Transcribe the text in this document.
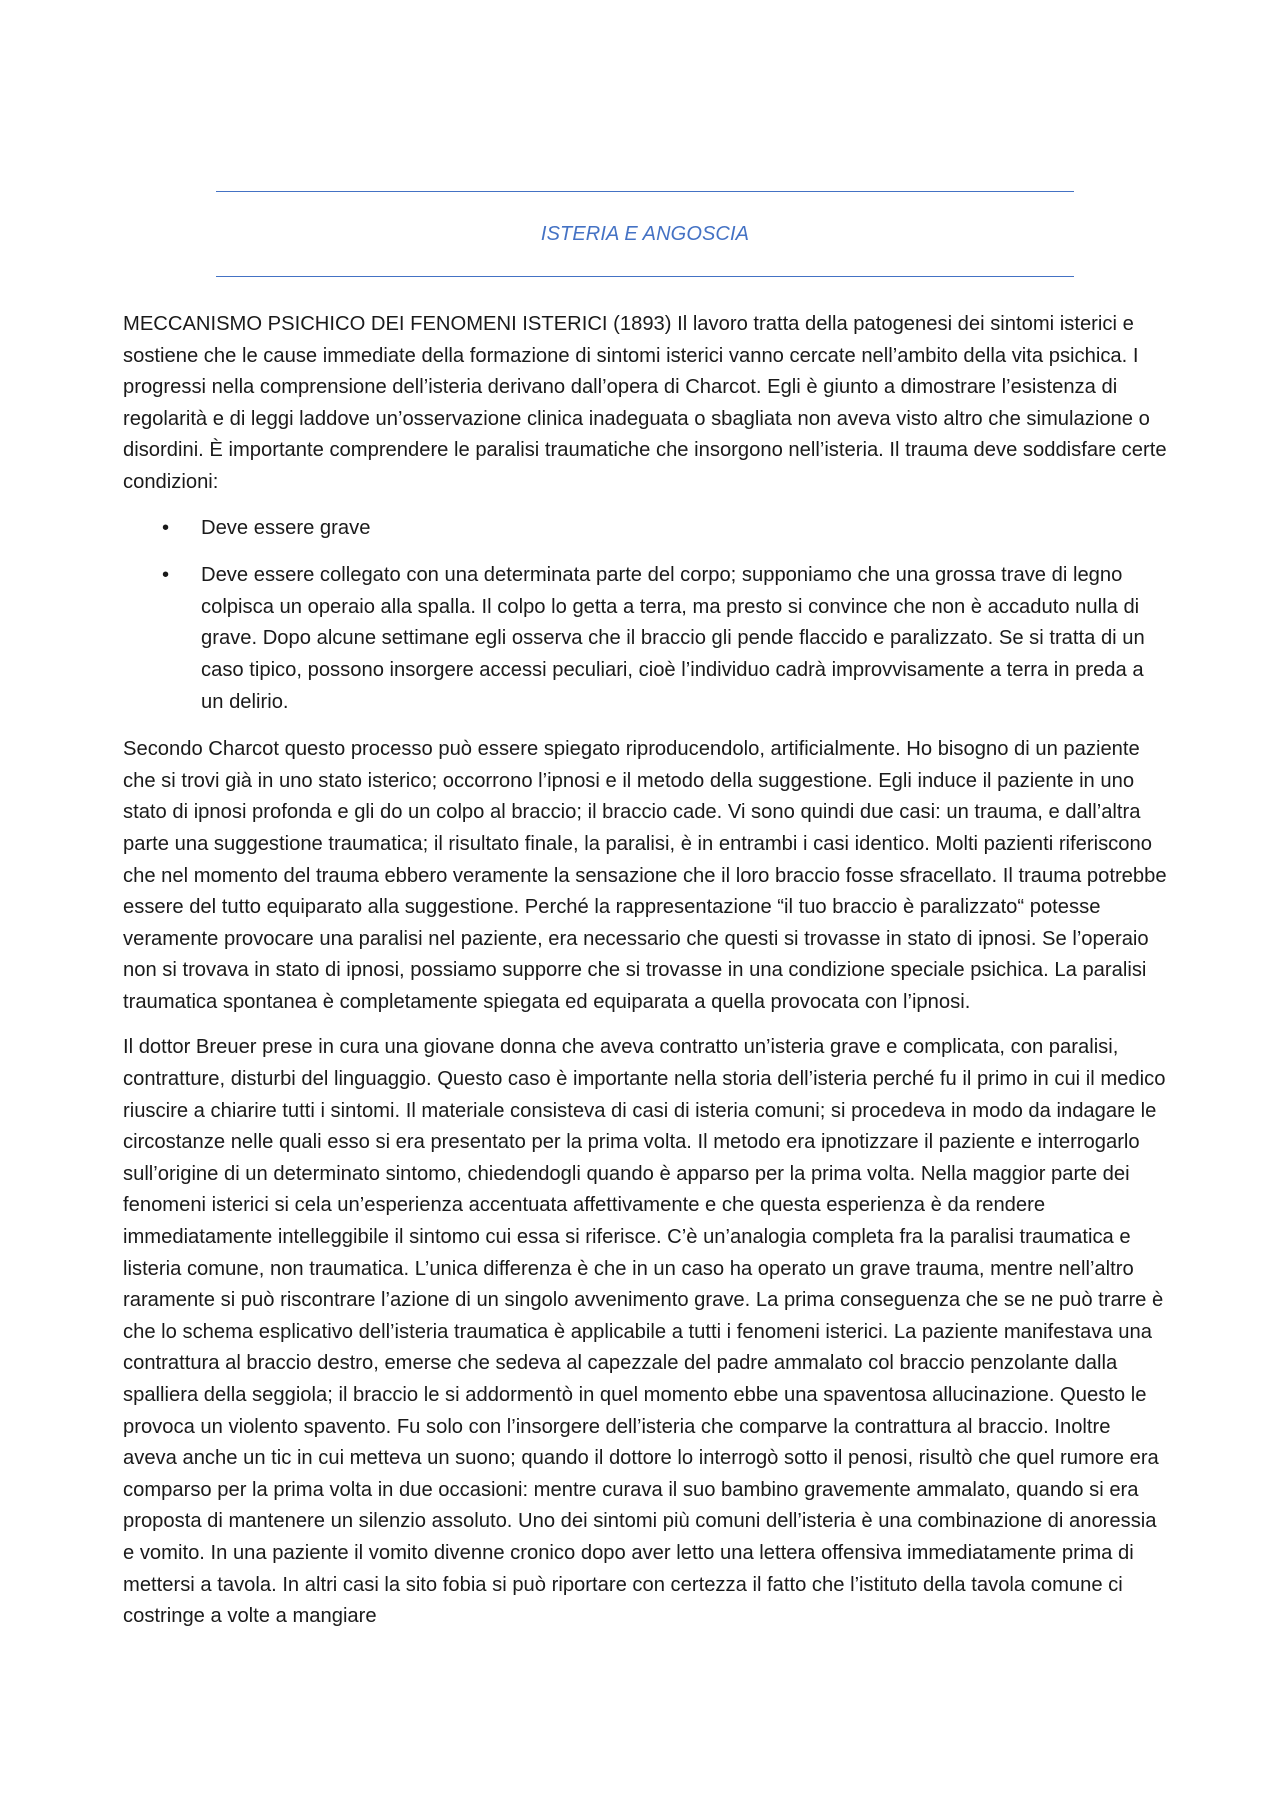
ISTERIA E ANGOSCIA

MECCANISMO PSICHICO DEI FENOMENI ISTERICI (1893) Il lavoro tratta della patogenesi dei sintomi isterici e sostiene che le cause immediate della formazione di sintomi isterici vanno cercate nell’ambito della vita psichica. I progressi nella comprensione dell’isteria derivano dall’opera di Charcot. Egli è giunto a dimostrare l’esistenza di regolarità e di leggi laddove un’osservazione clinica inadeguata o sbagliata non aveva visto altro che simulazione o disordini. È importante comprendere le paralisi traumatiche che insorgono nell’isteria. Il trauma deve soddisfare certe condizioni:

• Deve essere grave
• Deve essere collegato con una determinata parte del corpo; supponiamo che una grossa trave di legno colpisca un operaio alla spalla. Il colpo lo getta a terra, ma presto si convince che non è accaduto nulla di grave. Dopo alcune settimane egli osserva che il braccio gli pende flaccido e paralizzato. Se si tratta di un caso tipico, possono insorgere accessi peculiari, cioè l’individuo cadrà improvvisamente a terra in preda a un delirio.

Secondo Charcot questo processo può essere spiegato riproducendolo, artificialmente. Ho bisogno di un paziente che si trovi già in uno stato isterico; occorrono l’ipnosi e il metodo della suggestione. Egli induce il paziente in uno stato di ipnosi profonda e gli do un colpo al braccio; il braccio cade. Vi sono quindi due casi: un trauma, e dall’altra parte una suggestione traumatica; il risultato finale, la paralisi, è in entrambi i casi identico. Molti pazienti riferiscono che nel momento del trauma ebbero veramente la sensazione che il loro braccio fosse sfracellato. Il trauma potrebbe essere del tutto equiparato alla suggestione. Perché la rappresentazione “il tuo braccio è paralizzato“ potesse veramente provocare una paralisi nel paziente, era necessario che questi si trovasse in stato di ipnosi. Se l’operaio non si trovava in stato di ipnosi, possiamo supporre che si trovasse in una condizione speciale psichica. La paralisi traumatica spontanea è completamente spiegata ed equiparata a quella provocata con l’ipnosi.

Il dottor Breuer prese in cura una giovane donna che aveva contratto un’isteria grave e complicata, con paralisi, contratture, disturbi del linguaggio. Questo caso è importante nella storia dell’isteria perché fu il primo in cui il medico riuscire a chiarire tutti i sintomi. Il materiale consisteva di casi di isteria comuni; si procedeva in modo da indagare le circostanze nelle quali esso si era presentato per la prima volta. Il metodo era ipnotizzare il paziente e interrogarlo sull’origine di un determinato sintomo, chiedendogli quando è apparso per la prima volta. Nella maggior parte dei fenomeni isterici si cela un’esperienza accentuata affettivamente e che questa esperienza è da rendere immediatamente intelleggibile il sintomo cui essa si riferisce. C’è un’analogia completa fra la paralisi traumatica e listeria comune, non traumatica. L’unica differenza è che in un caso ha operato un grave trauma, mentre nell’altro raramente si può riscontrare l’azione di un singolo avvenimento grave. La prima conseguenza che se ne può trarre è che lo schema esplicativo dell’isteria traumatica è applicabile a tutti i fenomeni isterici. La paziente manifestava una contrattura al braccio destro, emerse che sedeva al capezzale del padre ammalato col braccio penzolante dalla spalliera della seggiola; il braccio le si addormentò in quel momento ebbe una spaventosa allucinazione. Questo le provoca un violento spavento. Fu solo con l’insorgere dell’isteria che comparve la contrattura al braccio. Inoltre aveva anche un tic in cui metteva un suono; quando il dottore lo interrogò sotto il penosi, risultò che quel rumore era comparso per la prima volta in due occasioni: mentre curava il suo bambino gravemente ammalato, quando si era proposta di mantenere un silenzio assoluto. Uno dei sintomi più comuni dell’isteria è una combinazione di anoressia e vomito. In una paziente il vomito divenne cronico dopo aver letto una lettera offensiva immediatamente prima di mettersi a tavola. In altri casi la sito fobia si può riportare con certezza il fatto che l’istituto della tavola comune ci costringe a volte a mangiare
